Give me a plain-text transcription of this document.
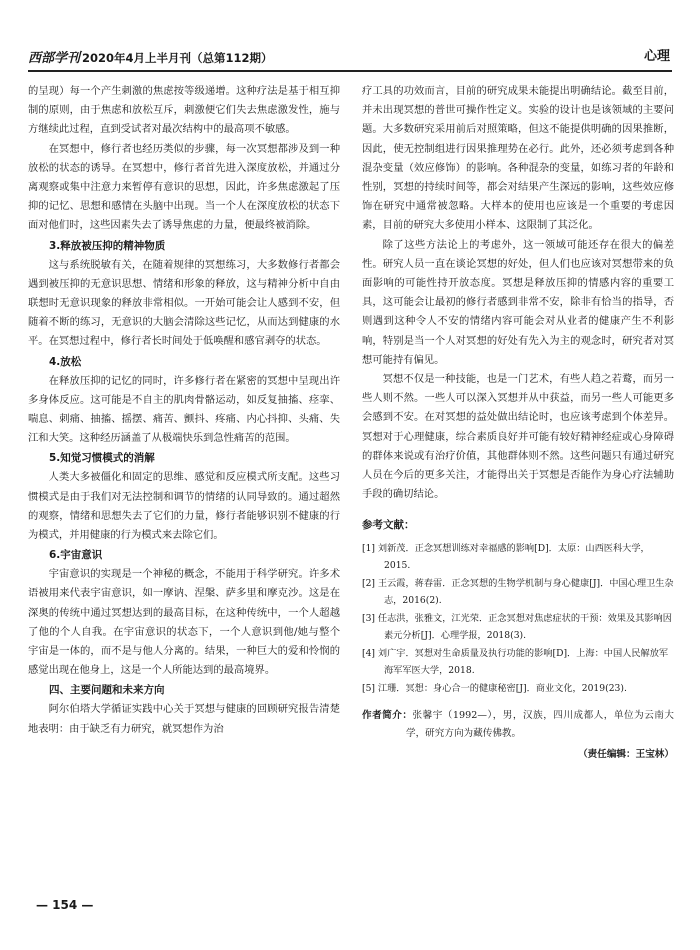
西部学刊 2020年4月上半月刊（总第112期）	心理

的呈现）每一个产生刺激的焦虑按等级递增。这种疗法是基于相互抑制的原则，由于焦虑和放松互斥，刺激便它们失去焦虑激发性，施与方继续此过程，直到受试者对最次结构中的最高项不敏感。

在冥想中，修行者也经历类似的步骤，每一次冥想都涉及到一种放松的状态的诱导。在冥想中，修行者首先进入深度放松，并通过分离观察或集中注意力来暂停有意识的思想，因此，许多焦虑激起了压抑的记忆、思想和感情在头脑中出现。当一个人在深度放松的状态下面对他们时，这些因素失去了诱导焦虑的力量，便最终被消除。

3.释放被压抑的精神物质

这与系统脱敏有关，在随着规律的冥想练习，大多数修行者都会遇到被压抑的无意识思想、情绪和形象的释放，这与精神分析中自由联想时无意识现象的释放非常相似。一开始可能会让人感到不安，但随着不断的练习，无意识的大脑会清除这些记忆，从而达到健康的水平。在冥想过程中，修行者长时间处于低唤醒和感官剥夺的状态。

4.放松

在释放压抑的记忆的同时，许多修行者在紧密的冥想中呈现出许多身体反应。这可能是不自主的肌肉骨骼运动，如反复抽搐、痉挛、喘息、刺痛、抽搐、摇摆、痛苦、颤抖、疼痛、内心抖抑、头痛、失江和大笑。这种经历涵盖了从极端快乐到急性痛苦的范围。

5.知觉习惯模式的消解

人类大多被僵化和固定的思维、感觉和反应模式所支配。这些习惯模式是由于我们对无法控制和调节的情绪的认同导致的。通过超然的观察，情绪和思想失去了它们的力量，修行者能够识别不健康的行为模式，并用健康的行为模式来去除它们。

6.宇宙意识

宇宙意识的实现是一个神秘的概念，不能用于科学研究。许多术语被用来代表宇宙意识，如一摩讷、涅槃、萨多里和摩克沙。这是在深奥的传统中通过冥想达到的最高目标，在这种传统中，一个人超越了他的个人自我。在宇宙意识的状态下，一个人意识到他/她与整个宇宙是一体的，而不是与他人分离的。结果，一种巨大的爱和怜悯的感觉出现在他身上，这是一个人所能达到的最高境界。

四、主要问题和未来方向

阿尔伯塔大学循证实践中心关于冥想与健康的回顾研究报告清楚地表明：由于缺乏有力研究，就冥想作为治

疗工具的功效而言，目前的研究成果未能提出明确结论。截至目前，并未出现冥想的普世可操作性定义。实验的设计也是该领域的主要问题。大多数研究采用前后对照策略，但这不能提供明确的因果推断，因此，使无控制组进行因果推理势在必行。此外，还必须考虑到各种混杂变量（效应修饰）的影响。各种混杂的变量，如练习者的年龄和性别，冥想的持续时间等，都会对结果产生深远的影响，这些效应修饰在研究中通常被忽略。大样本的使用也应该是一个重要的考虑因素，目前的研究大多使用小样本、这限制了其泛化。

除了这些方法论上的考虑外，这一领域可能还存在很大的偏差性。研究人员一直在谈论冥想的好处，但人们也应该对冥想带来的负面影响的可能性持开放态度。冥想是释放压抑的情感内容的重要工具，这可能会让最初的修行者感到非常不安，除非有恰当的指导，否则遇到这种令人不安的情绪内容可能会对从业者的健康产生不利影响，特别是当一个人对冥想的好处有先入为主的观念时，研究者对冥想可能持有偏见。

冥想不仅是一种技能，也是一门艺术，有些人趋之若鹜，而另一些人则不然。一些人可以深入冥想并从中获益，而另一些人可能更多会感到不安。在对冥想的益处做出结论时，也应该考虑到个体差异。冥想对于心理健康，综合素质良好并可能有较好精神经症或心身障碍的群体来说或有治疗价值，其他群体则不然。这些问题只有通过研究人员在今后的更多关注，才能得出关于冥想是否能作为身心疗法辅助手段的确切结论。

参考文献：
[1] 刘新茂．正念冥想训练对幸福感的影响[D]．太原：山西医科大学，2015.
[2] 王云霞，蒋春雷．正念冥想的生物学机制与身心健康[J]．中国心理卫生杂志，2016(2).
[3] 任志洪，张雅文，江光荣．正念冥想对焦虑症状的干预：效果及其影响因素元分析[J]．心理学报，2018(3).
[4] 刘广宇．冥想对生命质量及执行功能的影响[D]．上海：中国人民解放军海军军医大学，2018.
[5] 江珊．冥想：身心合一的健康秘密[J]．商业文化，2019(23).
作者简介：张馨宇（1992—），男，汉族，四川成都人，单位为云南大学，研究方向为藏传佛教。
（责任编辑：王宝林）
— 154 —
